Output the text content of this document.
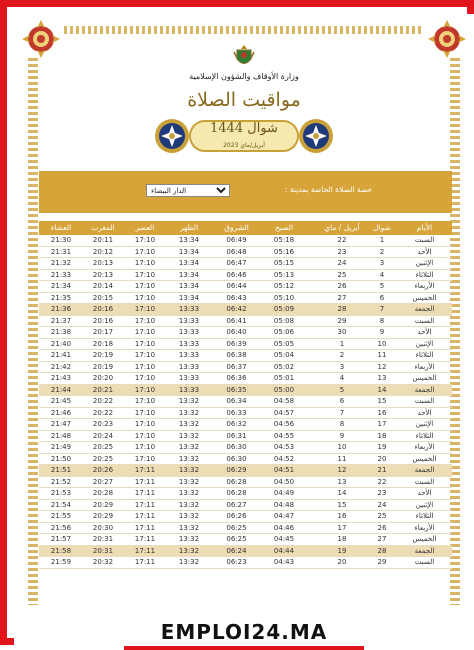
وزارة الأوقاف والشؤون الإسلامية
مواقيت الصلاة
شوال 1444
أبريل/ماي 2023
حصة الصلاة الخاصة بمدينة :
الدار البيضاء
الأيام
شوال
أبريل / ماي
الصبح
الشروق
الظهر
العصر
المغرب
العشاء
السبت
1
22
05:18
06:49
13:34
17:10
20:11
21:30
الأحد
2
23
05:16
06:48
13:34
17:10
20:12
21:31
الإثنين
3
24
05:15
06:47
13:34
17:10
20:13
21:32
الثلاثاء
4
25
05:13
06:46
13:34
17:10
20:13
21:33
الأربعاء
5
26
05:12
06:44
13:34
17:10
20:14
21:34
الخميس
6
27
05:10
06:43
13:34
17:10
20:15
21:35
الجمعة
7
28
05:09
06:42
13:33
17:10
20:16
21:36
السبت
8
29
05:08
06:41
13:33
17:10
20:16
21:37
الأحد
9
30
05:06
06:40
13:33
17:10
20:17
21:38
الإثنين
10
1
05:05
06:39
13:33
17:10
20:18
21:40
الثلاثاء
11
2
05:04
06:38
13:33
17:10
20:19
21:41
الأربعاء
12
3
05:02
06:37
13:33
17:10
20:19
21:42
الخميس
13
4
05:01
06:36
13:33
17:10
20:20
21:43
الجمعة
14
5
05:00
06:35
13:33
17:10
20:21
21:44
السبت
15
6
04:58
06:34
13:32
17:10
20:22
21:45
الأحد
16
7
04:57
06:33
13:32
17:10
20:22
21:46
الإثنين
17
8
04:56
06:32
13:32
17:10
20:23
21:47
الثلاثاء
18
9
04:55
06:31
13:32
17:10
20:24
21:48
الأربعاء
19
10
04:53
06:30
13:32
17:10
20:25
21:49
الخميس
20
11
04:52
06:30
13:32
17:10
20:25
21:50
الجمعة
21
12
04:51
06:29
13:32
17:11
20:26
21:51
السبت
22
13
04:50
06:28
13:32
17:11
20:27
21:52
الأحد
23
14
04:49
06:28
13:32
17:11
20:28
21:53
الإثنين
24
15
04:48
06:27
13:32
17:11
20:29
21:54
الثلاثاء
25
16
04:47
06:26
13:32
17:11
20:29
21:55
الأربعاء
26
17
04:46
06:25
13:32
17:11
20:30
21:56
الخميس
27
18
04:45
06:25
13:32
17:11
20:31
21:57
الجمعة
28
19
04:44
06:24
13:32
17:11
20:31
21:58
السبت
29
20
04:43
06:23
13:32
17:11
20:32
21:59
EMPLOI24.MA
